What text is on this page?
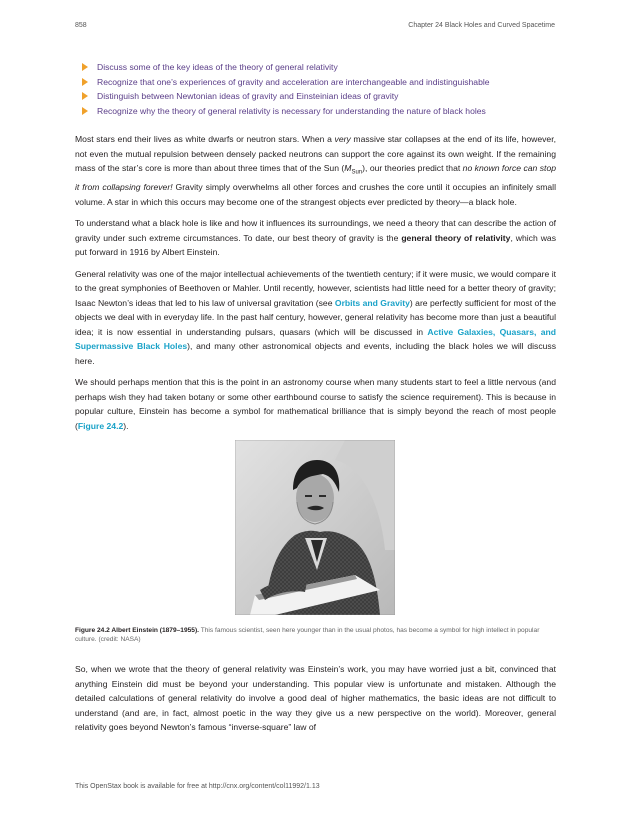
858	Chapter 24 Black Holes and Curved Spacetime
Discuss some of the key ideas of the theory of general relativity
Recognize that one’s experiences of gravity and acceleration are interchangeable and indistinguishable
Distinguish between Newtonian ideas of gravity and Einsteinian ideas of gravity
Recognize why the theory of general relativity is necessary for understanding the nature of black holes

Most stars end their lives as white dwarfs or neutron stars. When a very massive star collapses at the end of its life, however, not even the mutual repulsion between densely packed neutrons can support the core against its own weight. If the remaining mass of the star’s core is more than about three times that of the Sun $(M_{Sun})$, our theories predict that no known force can stop it from collapsing forever! Gravity simply overwhelms all other forces and crushes the core until it occupies an infinitely small volume. A star in which this occurs may become one of the strangest objects ever predicted by theory—a black hole.

To understand what a black hole is like and how it influences its surroundings, we need a theory that can describe the action of gravity under such extreme circumstances. To date, our best theory of gravity is the general theory of relativity, which was put forward in 1916 by Albert Einstein.

General relativity was one of the major intellectual achievements of the twentieth century; if it were music, we would compare it to the great symphonies of Beethoven or Mahler. Until recently, however, scientists had little need for a better theory of gravity; Isaac Newton’s ideas that led to his law of universal gravitation (see Orbits and Gravity) are perfectly sufficient for most of the objects we deal with in everyday life. In the past half century, however, general relativity has become more than just a beautiful idea; it is now essential in understanding pulsars, quasars (which will be discussed in Active Galaxies, Quasars, and Supermassive Black Holes), and many other astronomical objects and events, including the black holes we will discuss here.

We should perhaps mention that this is the point in an astronomy course when many students start to feel a little nervous (and perhaps wish they had taken botany or some other earthbound course to satisfy the science requirement). This is because in popular culture, Einstein has become a symbol for mathematical brilliance that is simply beyond the reach of most people (Figure 24.2).

Figure 24.2 Albert Einstein (1879–1955). This famous scientist, seen here younger than in the usual photos, has become a symbol for high intellect in popular culture. (credit: NASA)

So, when we wrote that the theory of general relativity was Einstein’s work, you may have worried just a bit, convinced that anything Einstein did must be beyond your understanding. This popular view is unfortunate and mistaken. Although the detailed calculations of general relativity do involve a good deal of higher mathematics, the basic ideas are not difficult to understand (and are, in fact, almost poetic in the way they give us a new perspective on the world). Moreover, general relativity goes beyond Newton’s famous “inverse-square” law of

This OpenStax book is available for free at http://cnx.org/content/col11992/1.13
